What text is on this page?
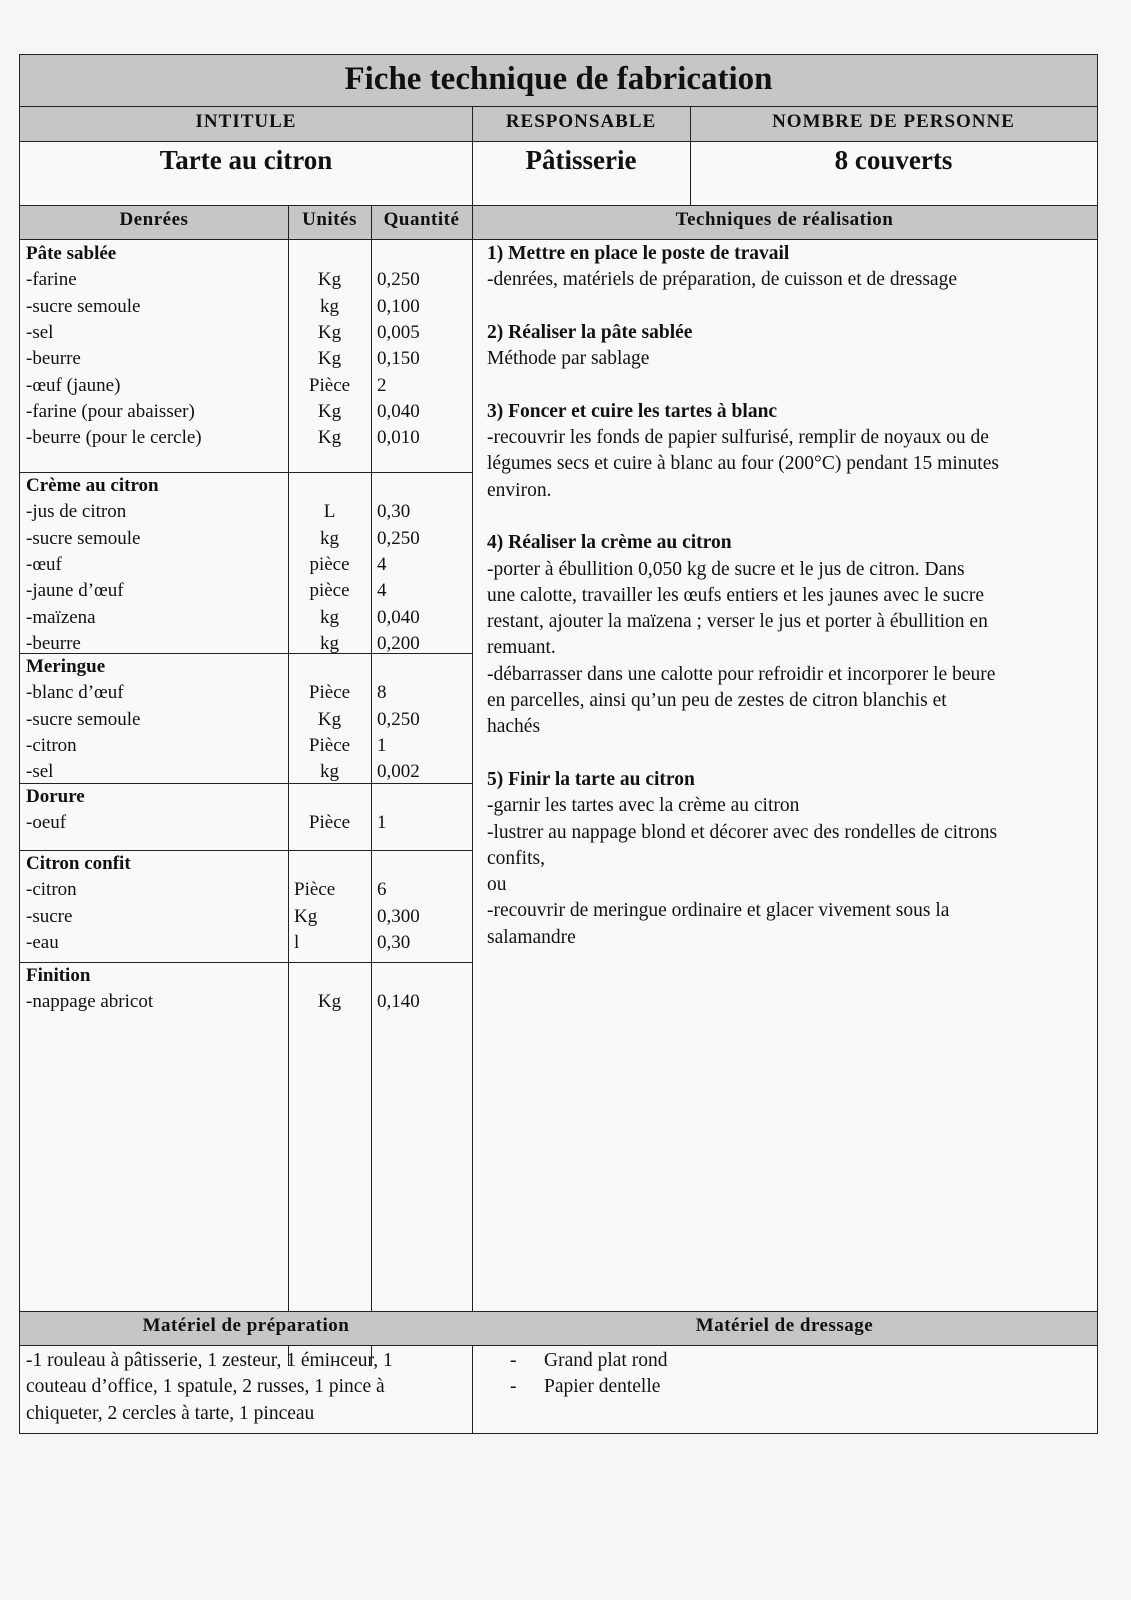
Fiche technique de fabrication
INTITULE	RESPONSABLE	NOMBRE DE PERSONNE
Tarte au citron	Pâtisserie	8 couverts
Denrées	Unités	Quantité	Techniques de réalisation
Pâte sablée
-farine	Kg	0,250
-sucre semoule	kg	0,100
-sel	Kg	0,005
-beurre	Kg	0,150
-œuf (jaune)	Pièce	2
-farine (pour abaisser)	Kg	0,040
-beurre (pour le cercle)	Kg	0,010
Crème au citron
-jus de citron	L	0,30
-sucre semoule	kg	0,250
-œuf	pièce	4
-jaune d’œuf	pièce	4
-maïzena	kg	0,040
-beurre	kg	0,200
Meringue
-blanc d’œuf	Pièce	8
-sucre semoule	Kg	0,250
-citron	Pièce	1
-sel	kg	0,002
Dorure
-oeuf	Pièce	1
Citron confit
-citron	Pièce 6
-sucre	Kg	0,300
-eau	l	0,30
Finition
-nappage abricot	Kg	0,140

1) Mettre en place le poste de travail

-denrées, matériels de préparation, de cuisson et de dressage

2) Réaliser la pâte sablée

Méthode par sablage

3) Foncer et cuire les tartes à blanc

-recouvrir les fonds de papier sulfurisé, remplir de noyaux ou de

légumes secs et cuire à blanc au four (200°C) pendant 15 minutes

environ.

4) Réaliser la crème au citron

-porter à ébullition 0,050 kg de sucre et le jus de citron. Dans

une calotte, travailler les œufs entiers et les jaunes avec le sucre

restant, ajouter la maïzena ; verser le jus et porter à ébullition en

remuant.

-débarrasser dans une calotte pour refroidir et incorporer le beure

en parcelles, ainsi qu’un peu de zestes de citron blanchis et

hachés

5) Finir la tarte au citron

-garnir les tartes avec la crème au citron

-lustrer au nappage blond et décorer avec des rondelles de citrons

confits,

ou

-recouvrir de meringue ordinaire et glacer vivement sous la

salamandre

Matériel de préparation	Matériel de dressage
-1 rouleau à pâtisserie, 1 zesteur, 1 émінceur, 1
couteau d’office, 1 spatule, 2 russes, 1 pince à
chiqueter, 2 cercles à tarte, 1 pinceau
- Grand plat rond
- Papier dentelle
